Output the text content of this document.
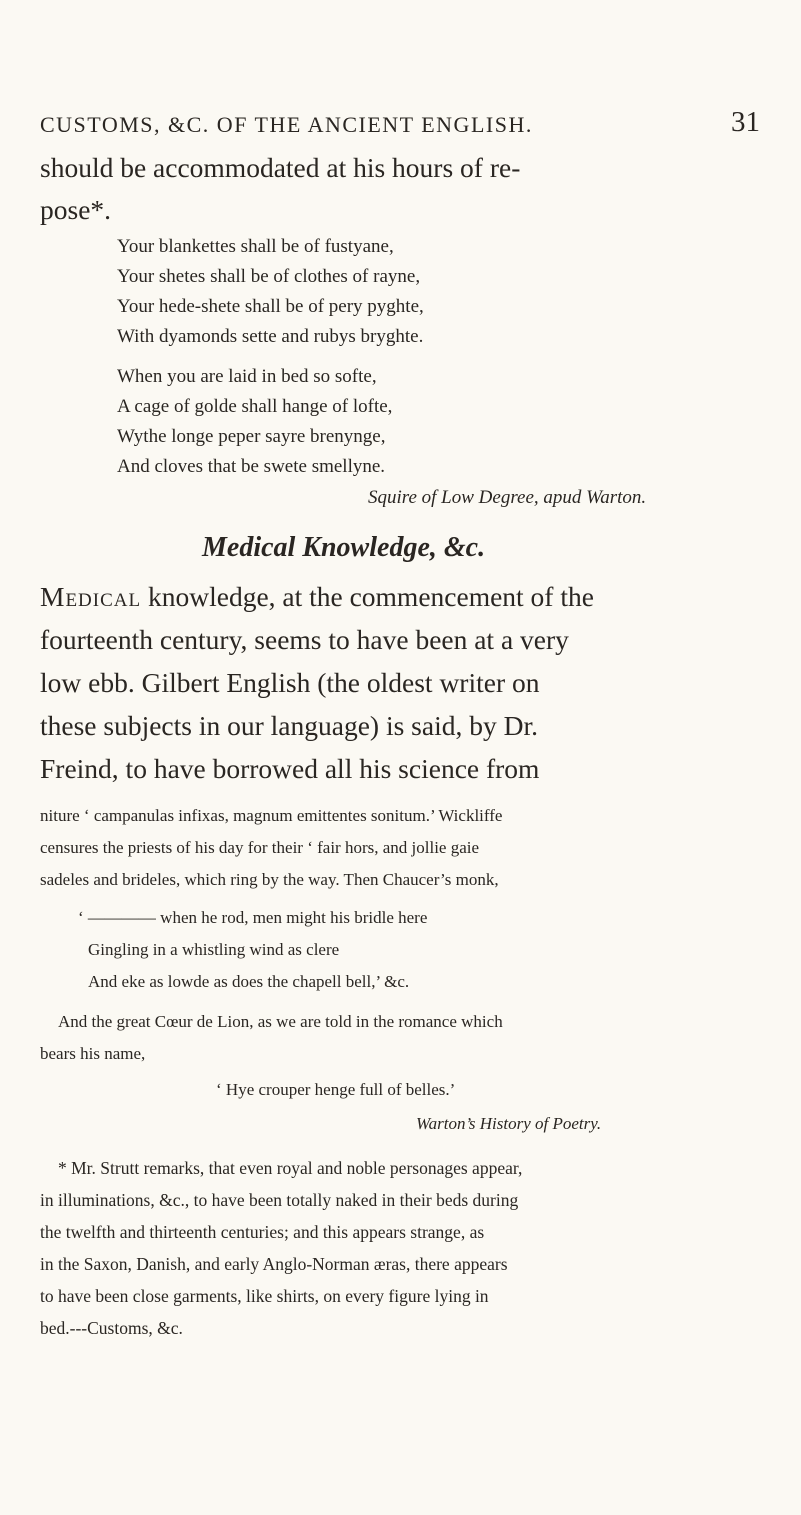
CUSTOMS, &C. OF THE ANCIENT ENGLISH.	31
should be accommodated at his hours of re-
pose*.
Your blankettes shall be of fustyane,
Your shetes shall be of clothes of rayne,
Your hede-shete shall be of pery pyghte,
With dyamonds sette and rubys bryghte.
When you are laid in bed so softe,
A cage of golde shall hange of lofte,
Wythe longe peper sayre brenynge,
And cloves that be swete smellyne.
Squire of Low Degree, apud Warton.
Medical Knowledge, &c.
Medical knowledge, at the commencement of the
fourteenth century, seems to have been at a very
low ebb. Gilbert English (the oldest writer on
these subjects in our language) is said, by Dr.
Freind, to have borrowed all his science from
niture ‘ campanulas infixas, magnum emittentes sonitum.’ Wickliffe
censures the priests of his day for their ‘ fair hors, and jollie gaie
sadeles and brideles, which ring by the way. Then Chaucer’s monk,
‘ ———— when he rod, men might his bridle here
Gingling in a whistling wind as clere
And eke as lowde as does the chapell bell,’ &c.
And the great Cœur de Lion, as we are told in the romance which
bears his name,
‘ Hye crouper henge full of belles.’
Warton’s History of Poetry.
* Mr. Strutt remarks, that even royal and noble personages appear,
in illuminations, &c., to have been totally naked in their beds during
the twelfth and thirteenth centuries; and this appears strange, as
in the Saxon, Danish, and early Anglo-Norman æras, there appears
to have been close garments, like shirts, on every figure lying in
bed.---Customs, &c.
